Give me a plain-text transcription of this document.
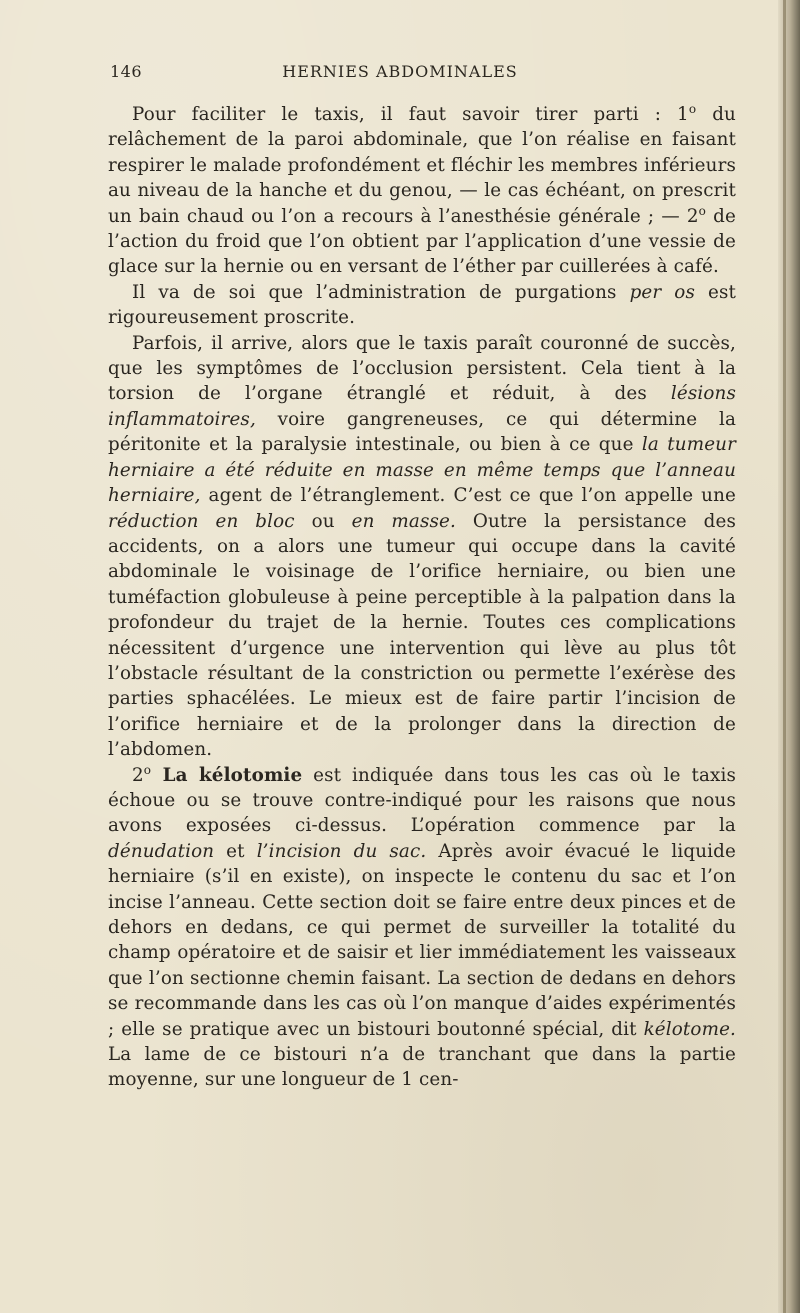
146	HERNIES ABDOMINALES

Pour faciliter le taxis, il faut savoir tirer parti : 1$^o$ du relâchement de la paroi abdominale, que l’on réalise en faisant respirer le malade profondément et fléchir les membres inférieurs au niveau de la hanche et du genou, — le cas échéant, on prescrit un bain chaud ou l’on a recours à l’anesthésie générale ; — 2$^o$ de l’action du froid que l’on obtient par l’application d’une vessie de glace sur la hernie ou en versant de l’éther par cuillerées à café.

Il va de soi que l’administration de purgations per os est rigoureusement proscrite.

Parfois, il arrive, alors que le taxis paraît couronné de succès, que les symptômes de l’occlusion persistent. Cela tient à la torsion de l’organe étranglé et réduit, à des lésions inflammatoires, voire gangreneuses, ce qui détermine la péritonite et la paralysie intestinale, ou bien à ce que la tumeur herniaire a été réduite en masse en même temps que l’anneau herniaire, agent de l’étranglement. C’est ce que l’on appelle une réduction en bloc ou en masse. Outre la persistance des accidents, on a alors une tumeur qui occupe dans la cavité abdominale le voisinage de l’orifice herniaire, ou bien une tuméfaction globuleuse à peine perceptible à la palpation dans la profondeur du trajet de la hernie. Toutes ces complications nécessitent d’urgence une intervention qui lève au plus tôt l’obstacle résultant de la constriction ou permette l’exérèse des parties sphacélées. Le mieux est de faire partir l’incision de l’orifice herniaire et de la prolonger dans la direction de l’abdomen.

2$^o$ La kélotomie est indiquée dans tous les cas où le taxis échoue ou se trouve contre-indiqué pour les raisons que nous avons exposées ci-dessus. L’opération commence par la dénudation et l’incision du sac. Après avoir évacué le liquide herniaire (s’il en existe), on inspecte le contenu du sac et l’on incise l’anneau. Cette section doit se faire entre deux pinces et de dehors en dedans, ce qui permet de surveiller la totalité du champ opératoire et de saisir et lier immédiatement les vaisseaux que l’on sectionne chemin faisant. La section de dedans en dehors se recommande dans les cas où l’on manque d’aides expérimentés ; elle se pratique avec un bistouri boutonné spécial, dit kélotome. La lame de ce bistouri n’a de tranchant que dans la partie moyenne, sur une longueur de 1 cen-
